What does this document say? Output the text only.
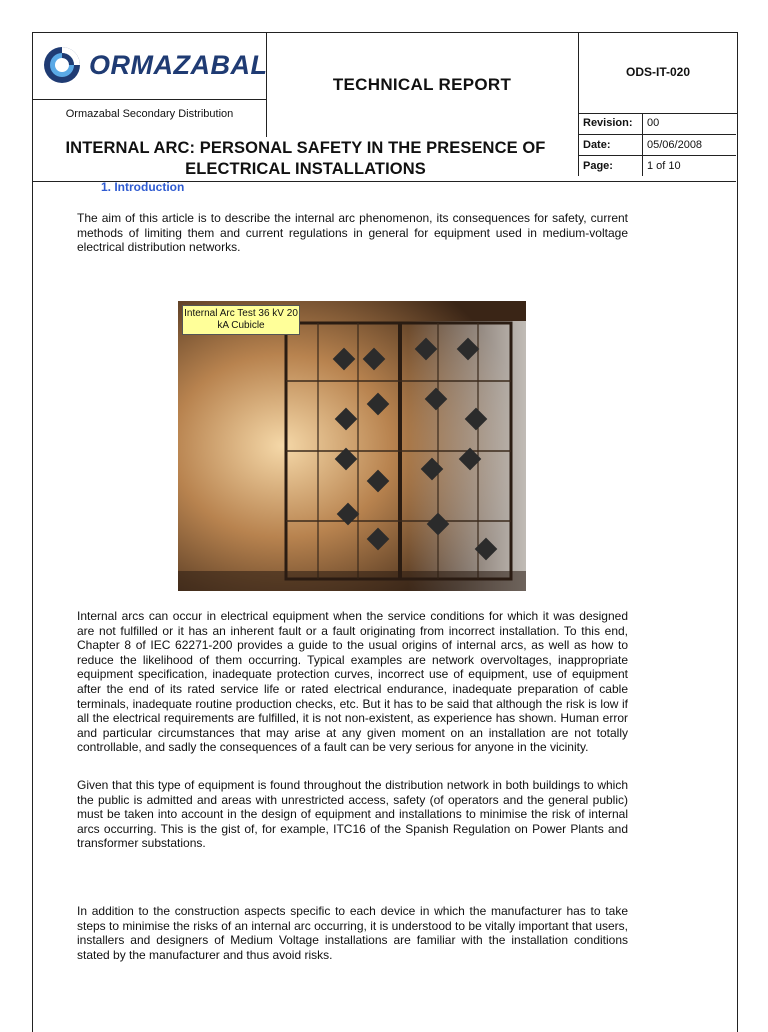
ORMAZABAL
Ormazabal Secondary Distribution
TECHNICAL REPORT
ODS-IT-020
Revision:	00
Date:	05/06/2008
Page:	1 of 10
INTERNAL ARC: PERSONAL SAFETY IN THE PRESENCE OF
ELECTRICAL INSTALLATIONS
1. Introduction

The aim of this article is to describe the internal arc phenomenon, its consequences for safety, current methods of limiting them and current regulations in general for equipment used in medium-voltage electrical distribution networks.

Internal Arc Test 36 kV 20 kA Cubicle

Internal arcs can occur in electrical equipment when the service conditions for which it was designed are not fulfilled or it has an inherent fault or a fault originating from incorrect installation. To this end, Chapter 8 of IEC 62271-200 provides a guide to the usual origins of internal arcs, as well as how to reduce the likelihood of them occurring. Typical examples are network overvoltages, inappropriate equipment specification, inadequate protection curves, incorrect use of equipment, use of equipment after the end of its rated service life or rated electrical endurance, inadequate preparation of cable terminals, inadequate routine production checks, etc. But it has to be said that although the risk is low if all the electrical requirements are fulfilled, it is not non-existent, as experience has shown. Human error and particular circumstances that may arise at any given moment on an installation are not totally controllable, and sadly the consequences of a fault can be very serious for anyone in the vicinity.

Given that this type of equipment is found throughout the distribution network in both buildings to which the public is admitted and areas with unrestricted access, safety (of operators and the general public) must be taken into account in the design of equipment and installations to minimise the risk of internal arcs occurring. This is the gist of, for example, ITC16 of the Spanish Regulation on Power Plants and transformer substations.

In addition to the construction aspects specific to each device in which the manufacturer has to take steps to minimise the risks of an internal arc occurring, it is understood to be vitally important that users, installers and designers of Medium Voltage installations are familiar with the installation conditions stated by the manufacturer and thus avoid risks.
